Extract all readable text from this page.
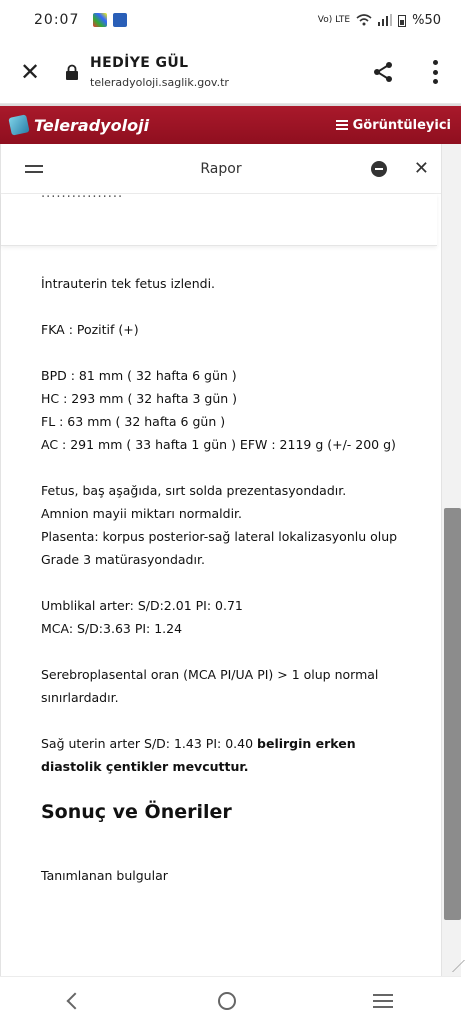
20:07	Vo) LTE	%50
✕	HEDİYE GÜL
teleradyoloji.saglik.gov.tr
Teleradyoloji	Görüntüleyici
Rapor	✕
................

İntrauterin tek fetus izlendi.

FKA : Pozitif (+)

BPD : 81 mm ( 32 hafta 6 gün )
HC : 293 mm ( 32 hafta 3 gün )
FL : 63 mm ( 32 hafta 6 gün )

AC : 291 mm ( 33 hafta 1 gün ) EFW : 2119 g (+/- 200 g)

Fetus, baş aşağıda, sırt solda prezentasyondadır.
Amnion mayii miktarı normaldir.

Plasenta: korpus posterior-sağ lateral lokalizasyonlu olup Grade 3 matürasyondadır.

Umblikal arter: S/D:2.01 PI: 0.71

MCA: S/D:3.63 PI: 1.24

Serebroplasental oran (MCA PI/UA PI) > 1 olup normal sınırlardadır.

Sağ uterin arter S/D: 1.43 PI: 0.40 belirgin erken diastolik çentikler mevcuttur.

Sonuç ve Öneriler
Tanımlanan bulgular
